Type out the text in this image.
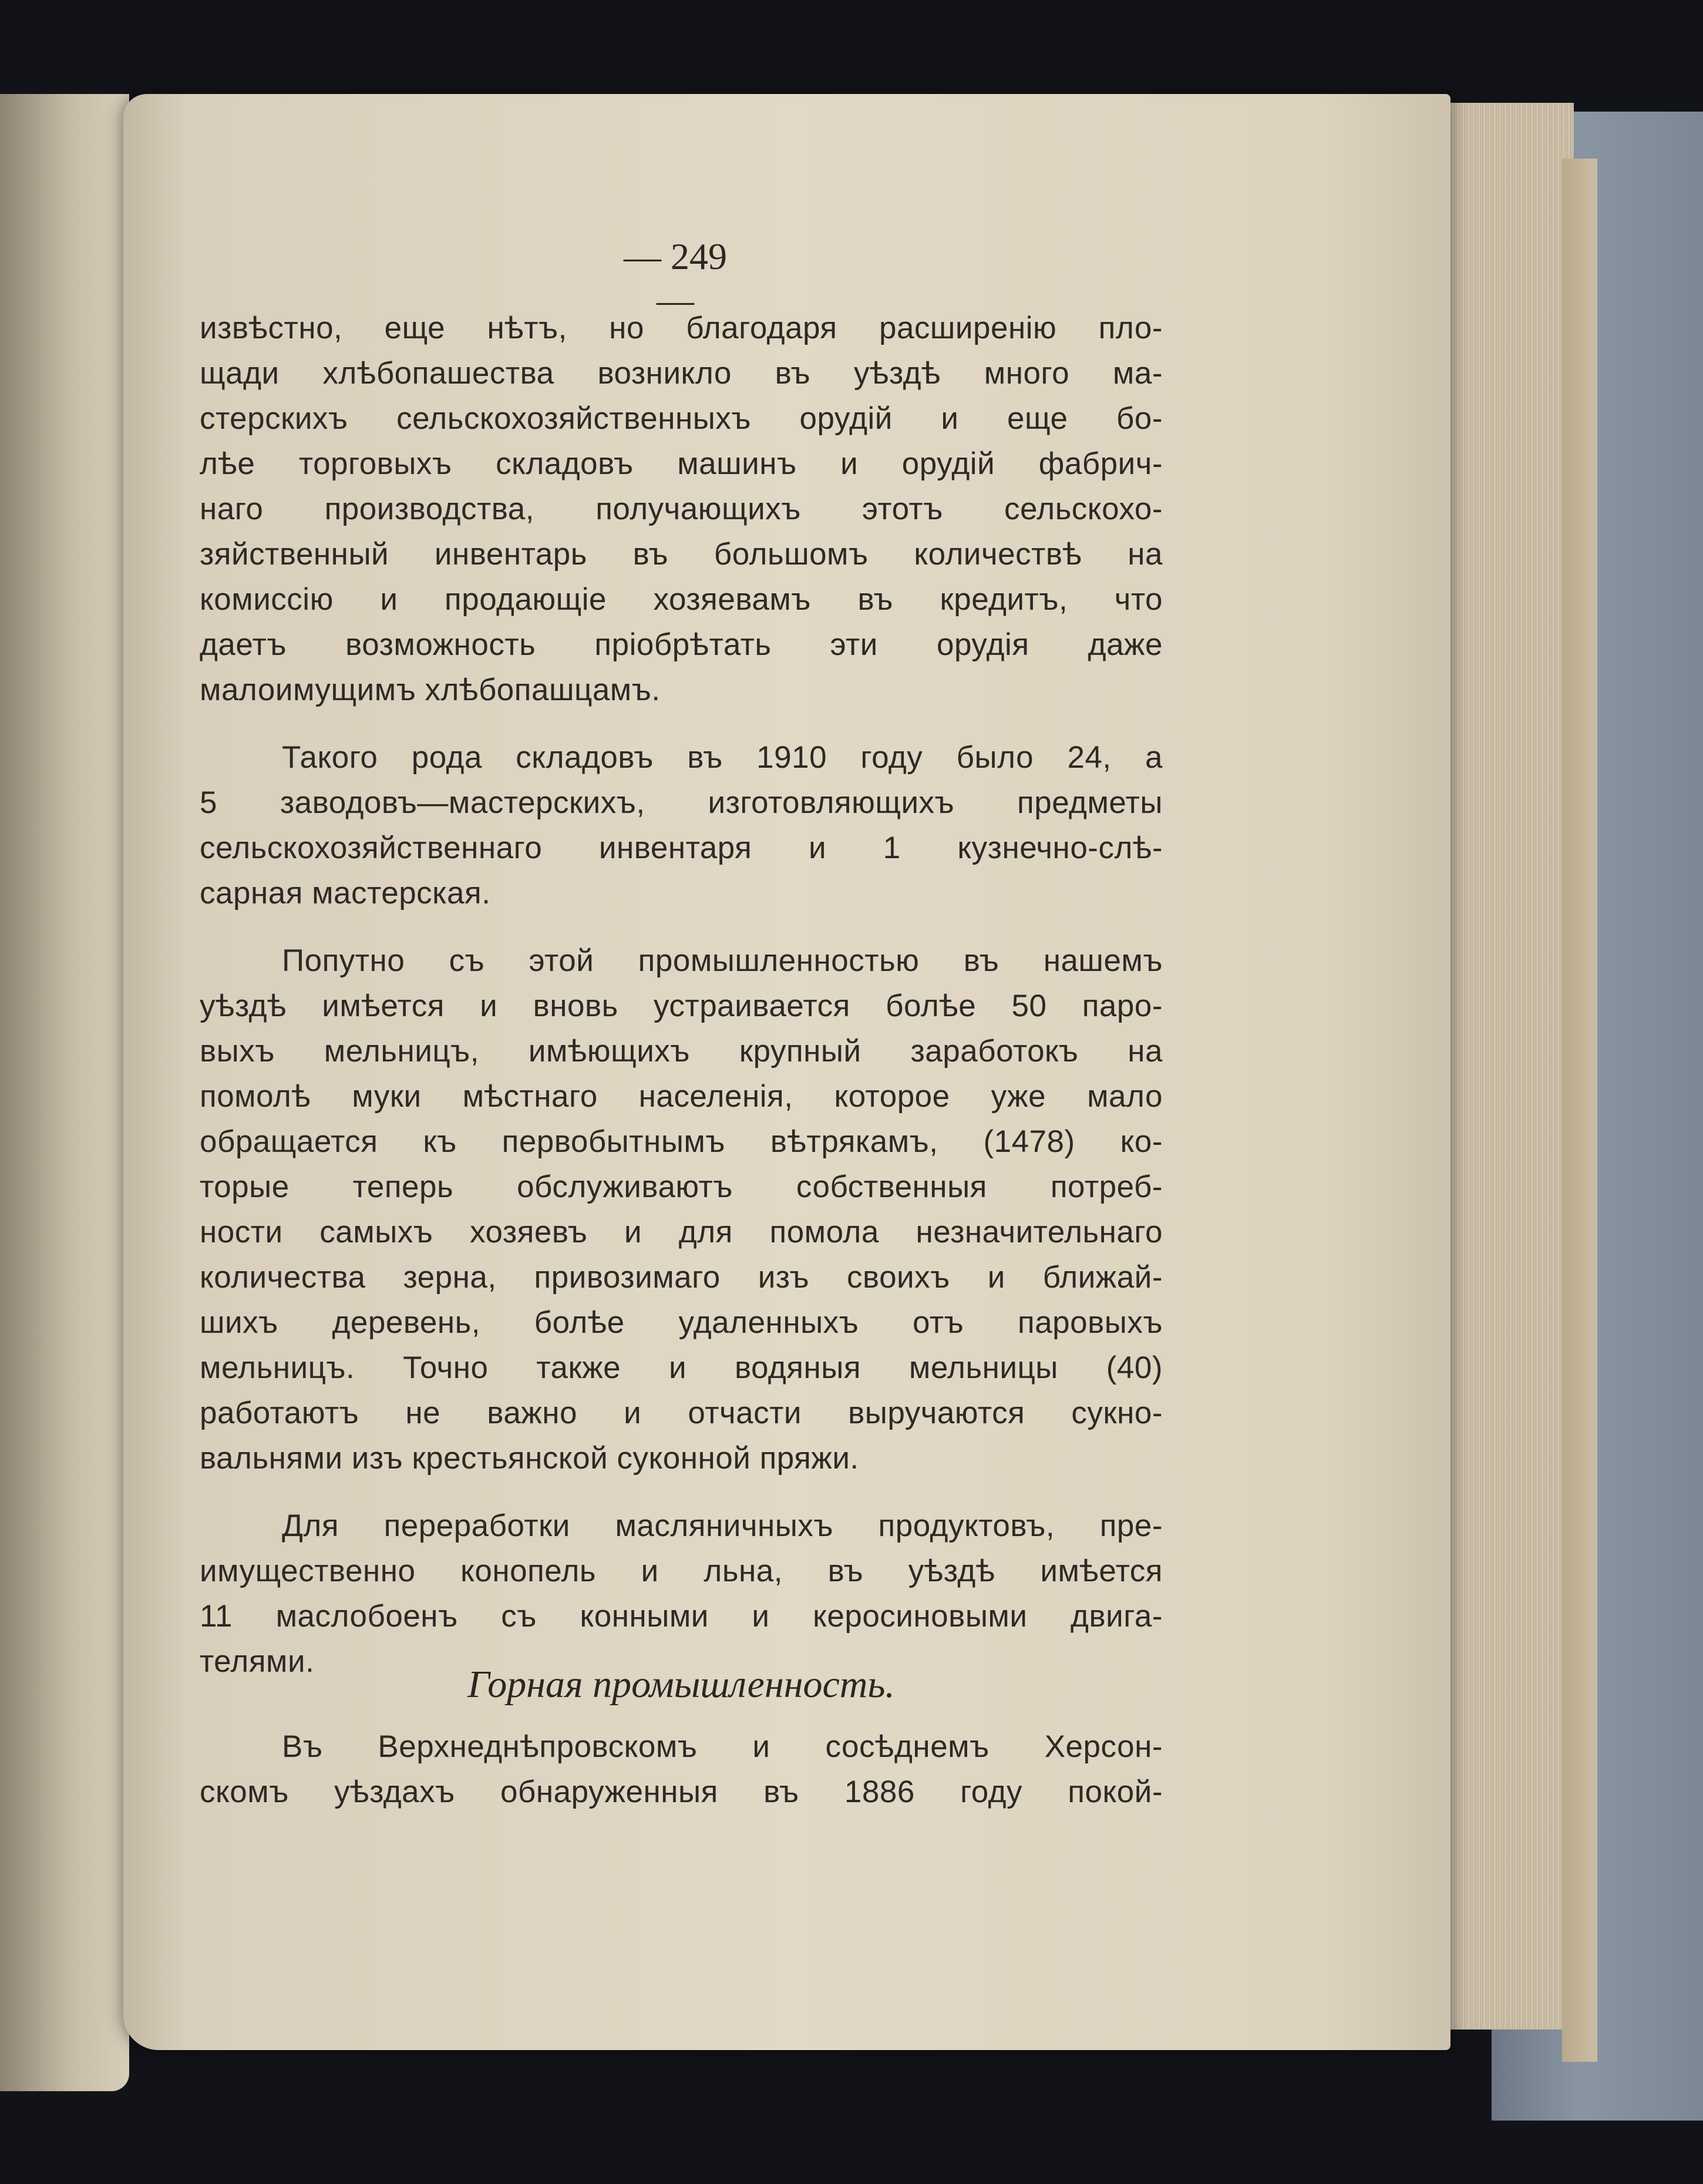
— 249 —
извѣстно, еще нѣтъ, но благодаря расширенію пло-
щади хлѣбопашества возникло въ уѣздѣ много ма-
стерскихъ сельскохозяйственныхъ орудій и еще бо-
лѣе торговыхъ складовъ машинъ и орудій фабрич-
наго производства, получающихъ этотъ сельскохо-
зяйственный инвентарь въ большомъ количествѣ на
комиссію и продающіе хозяевамъ въ кредитъ, что
даетъ возможность пріобрѣтать эти орудія даже
малоимущимъ хлѣбопашцамъ.
Такого рода складовъ въ 1910 году было 24, а
5 заводовъ—мастерскихъ, изготовляющихъ предметы
сельскохозяйственнаго инвентаря и 1 кузнечно-слѣ-
сарная мастерская.
Попутно съ этой промышленностью въ нашемъ
уѣздѣ имѣется и вновь устраивается болѣе 50 паро-
выхъ мельницъ, имѣющихъ крупный заработокъ на
помолѣ муки мѣстнаго населенія, которое уже мало
обращается къ первобытнымъ вѣтрякамъ, (1478) ко-
торые теперь обслуживаютъ собственныя потреб-
ности самыхъ хозяевъ и для помола незначительнаго
количества зерна, привозимаго изъ своихъ и ближай-
шихъ деревень, болѣе удаленныхъ отъ паровыхъ
мельницъ. Точно также и водяныя мельницы (40)
работаютъ не важно и отчасти выручаются сукно-
вальнями изъ крестьянской суконной пряжи.
Для переработки масляничныхъ продуктовъ, пре-
имущественно конопель и льна, въ уѣздѣ имѣется
11 маслобоенъ съ конными и керосиновыми двига-
телями.
Горная промышленность.
Въ Верхнеднѣпровскомъ и сосѣднемъ Херсон-
скомъ уѣздахъ обнаруженныя въ 1886 году покой-
